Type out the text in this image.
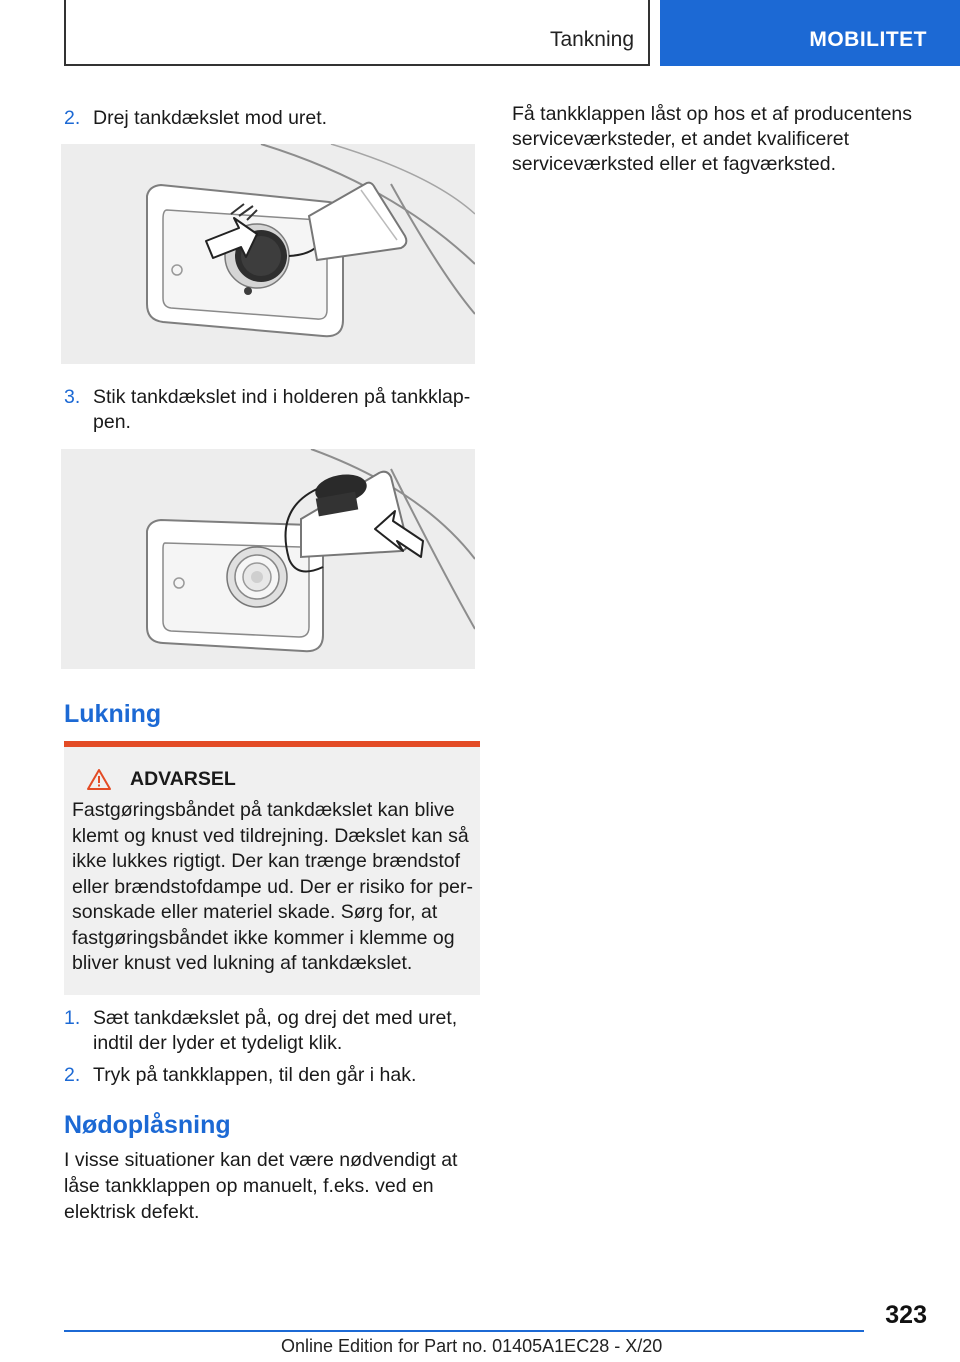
Tankning	MOBILITET
2. Drej tankdækslet mod uret.
3. Stik tankdækslet ind i holderen på tankklappen.
Lukning
ADVARSEL
Fastgøringsbåndet på tankdækslet kan blive klemt og knust ved tildrejning. Dækslet kan så ikke lukkes rigtigt. Der kan trænge brændstof eller brændstofdampe ud. Der er risiko for personskade eller materiel skade. Sørg for, at fastgøringsbåndet ikke kommer i klemme og bliver knust ved lukning af tankdækslet.
1. Sæt tankdækslet på, og drej det med uret, indtil der lyder et tydeligt klik.
2. Tryk på tankklappen, til den går i hak.
Nødoplåsning
I visse situationer kan det være nødvendigt at låse tankklappen op manuelt, f.eks. ved en elektrisk defekt.
Få tankklappen låst op hos et af producentens serviceværksteder, et andet kvalificeret serviceværksted eller et fagværksted.
323
Online Edition for Part no. 01405A1EC28 - X/20
